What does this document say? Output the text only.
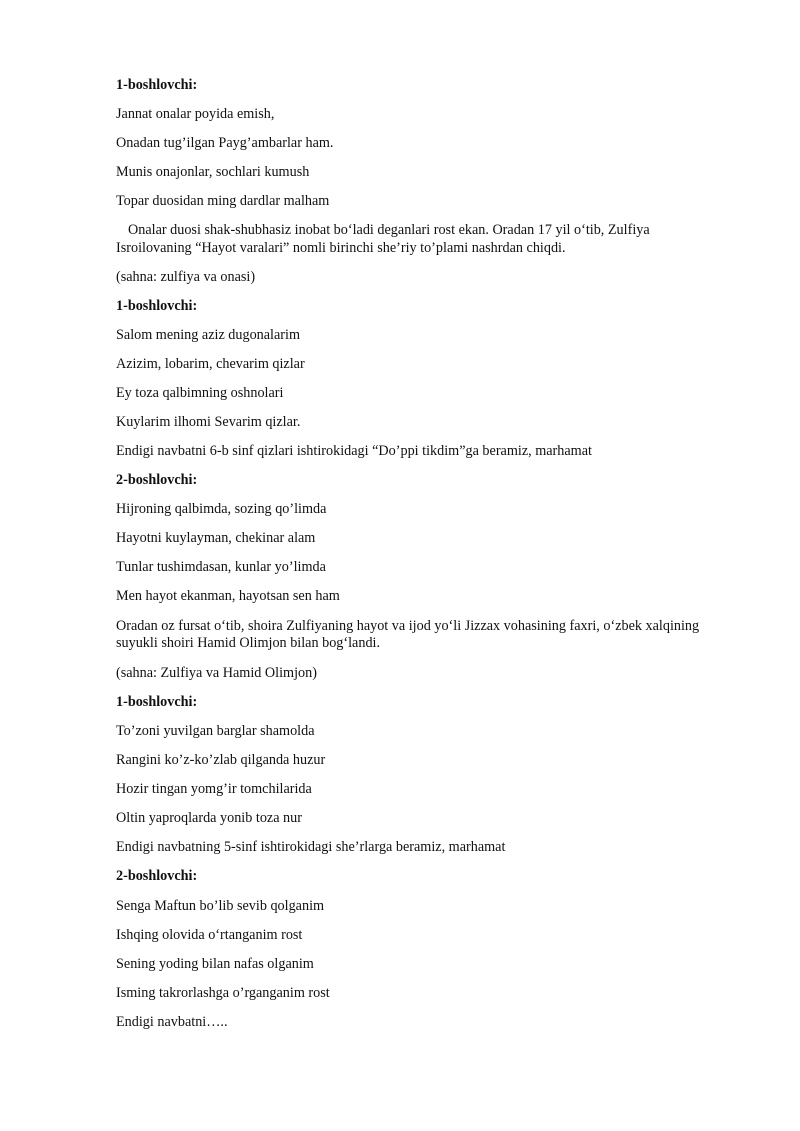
1-boshlovchi:

Jannat onalar poyida emish,

Onadan tug’ilgan Payg’ambarlar ham.

Munis onajonlar, sochlari kumush

Topar duosidan ming dardlar malham

Onalar duosi shak-shubhasiz inobat bo‘ladi deganlari rost ekan. Oradan 17 yil o‘tib, Zulfiya

Isroilovaning “Hayot varalari” nomli birinchi she’riy to’plami nashrdan chiqdi.

(sahna: zulfiya va onasi)

1-boshlovchi:

Salom mening aziz dugonalarim

Azizim, lobarim, chevarim qizlar

Ey toza qalbimning oshnolari

Kuylarim ilhomi Sevarim qizlar.

Endigi navbatni 6-b sinf qizlari ishtirokidagi “Do’ppi tikdim”ga beramiz, marhamat

2-boshlovchi:

Hijroning qalbimda, sozing qo’limda

Hayotni kuylayman, chekinar alam

Tunlar tushimdasan, kunlar yo’limda

Men hayot ekanman, hayotsan sen ham

Oradan oz fursat o‘tib, shoira Zulfiyaning hayot va ijod yo‘li Jizzax vohasining faxri, o‘zbek xalqining suyukli shoiri Hamid Olimjon bilan bog‘landi.

(sahna: Zulfiya va Hamid Olimjon)

1-boshlovchi:

To’zoni yuvilgan barglar shamolda

Rangini ko’z-ko’zlab qilganda huzur

Hozir tingan yomg’ir tomchilarida

Oltin yaproqlarda yonib toza nur

Endigi navbatning 5-sinf ishtirokidagi she’rlarga beramiz, marhamat

2-boshlovchi:

Senga Maftun bo’lib sevib qolganim

Ishqing olovida o‘rtanganim rost

Sening yoding bilan nafas olganim

Isming takrorlashga o’rganganim rost

Endigi navbatni…..
